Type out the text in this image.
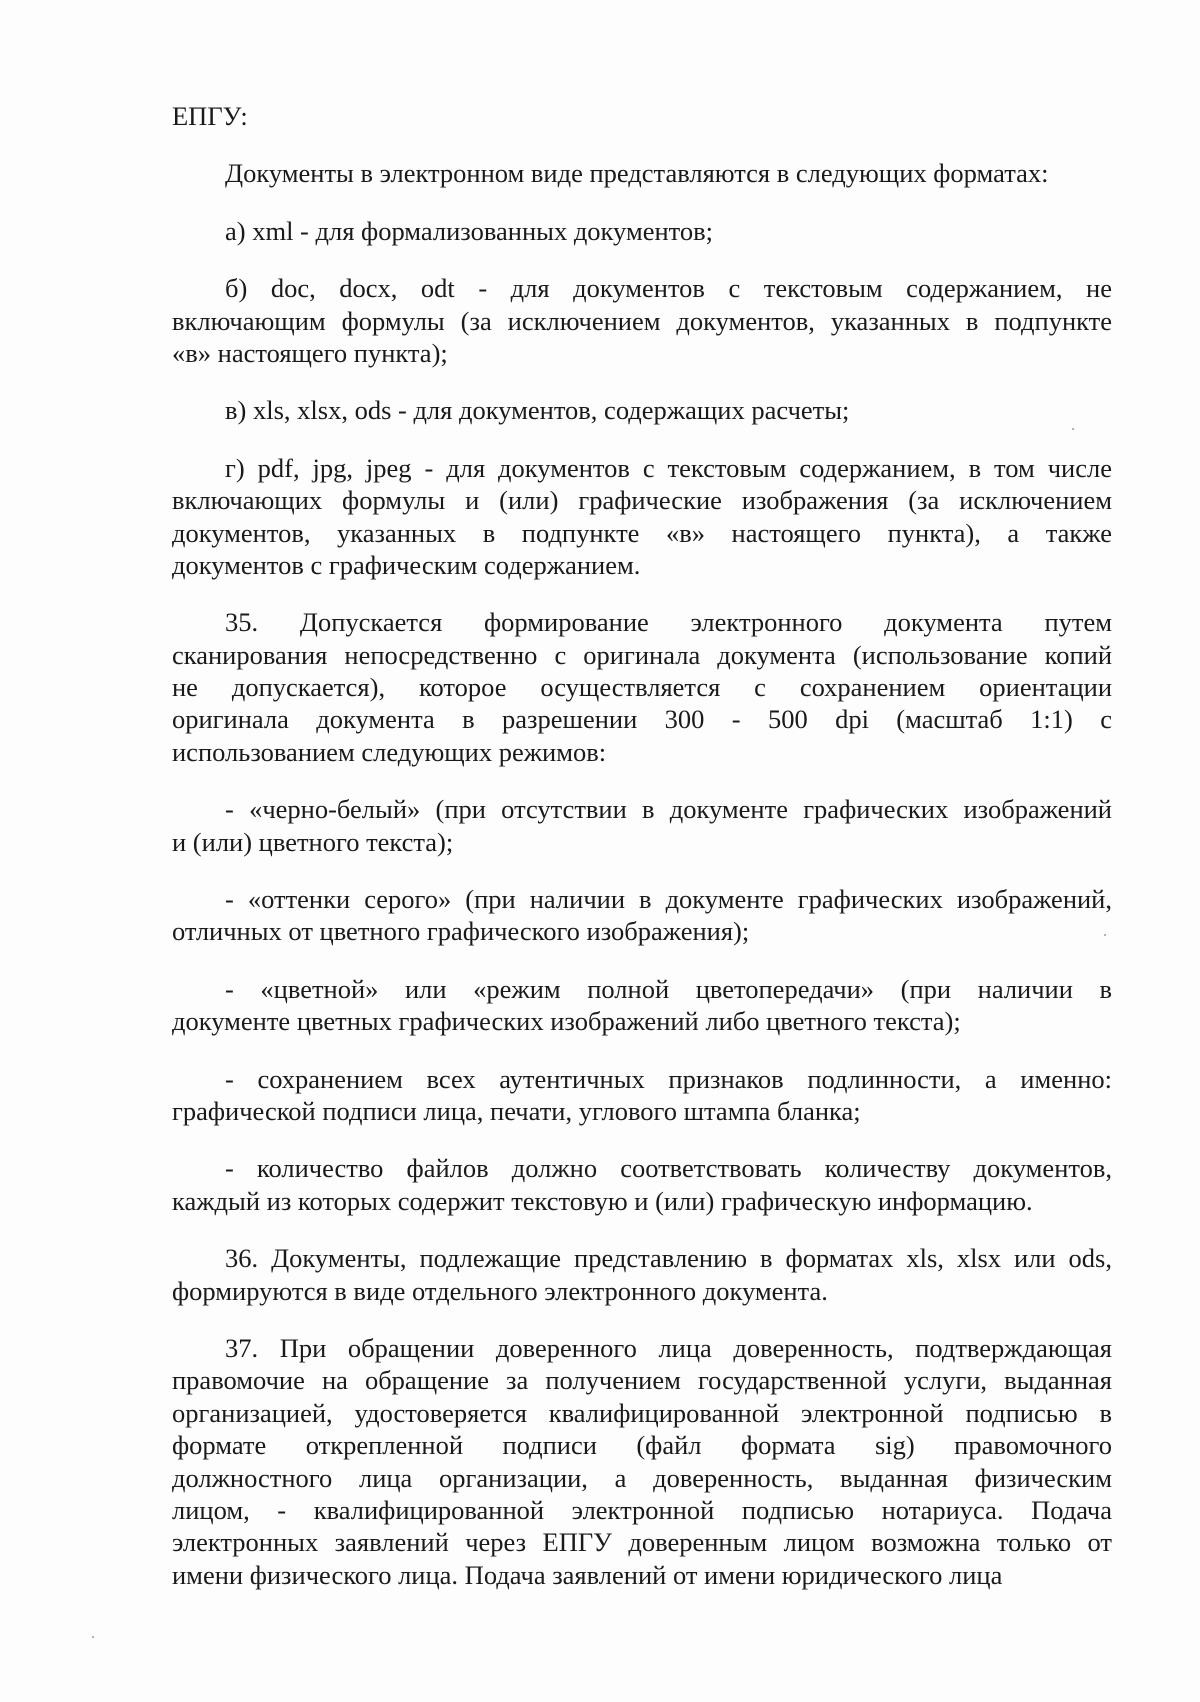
ЕПГУ:
Документы в электронном виде представляются в следующих форматах:
а) xml - для формализованных документов;
б) doc, docx, odt - для документов с текстовым содержанием, не
включающим формулы (за исключением документов, указанных в подпункте
«в» настоящего пункта);
в) xls, xlsx, ods - для документов, содержащих расчеты;
г) pdf, jpg, jpeg - для документов с текстовым содержанием, в том числе
включающих формулы и (или) графические изображения (за исключением
документов, указанных в подпункте «в» настоящего пункта), а также
документов с графическим содержанием.
35. Допускается формирование электронного документа путем
сканирования непосредственно с оригинала документа (использование копий
не допускается), которое осуществляется с сохранением ориентации
оригинала документа в разрешении 300 - 500 dpi (масштаб 1:1) с
использованием следующих режимов:
- «черно-белый» (при отсутствии в документе графических изображений
и (или) цветного текста);
- «оттенки серого» (при наличии в документе графических изображений,
отличных от цветного графического изображения);
- «цветной» или «режим полной цветопередачи» (при наличии в
документе цветных графических изображений либо цветного текста);
- сохранением всех аутентичных признаков подлинности, а именно:
графической подписи лица, печати, углового штампа бланка;
- количество файлов должно соответствовать количеству документов,
каждый из которых содержит текстовую и (или) графическую информацию.
36. Документы, подлежащие представлению в форматах xls, xlsx или ods,
формируются в виде отдельного электронного документа.
37. При обращении доверенного лица доверенность, подтверждающая
правомочие на обращение за получением государственной услуги, выданная
организацией, удостоверяется квалифицированной электронной подписью в
формате открепленной подписи (файл формата sig) правомочного
должностного лица организации, а доверенность, выданная физическим
лицом, - квалифицированной электронной подписью нотариуса. Подача
электронных заявлений через ЕПГУ доверенным лицом возможна только от
имени физического лица. Подача заявлений от имени юридического лица
